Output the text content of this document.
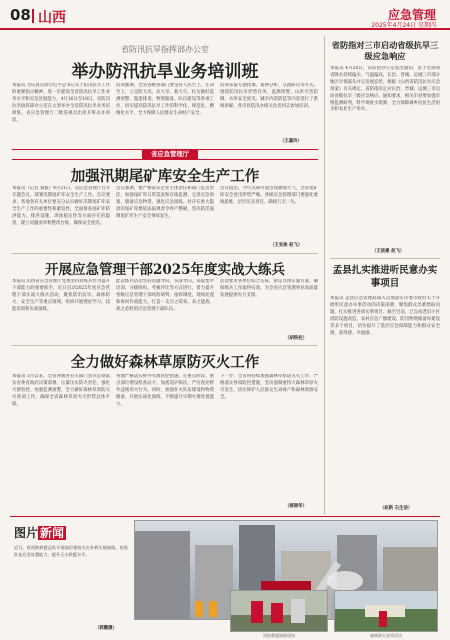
08 山西	应急管理
2025年4月24日 星期四
省防汛抗旱指挥部办公室
举办防汛抗旱业务培训班
本报讯 为认真贯彻习近平总书记关于防汛抗旱工作的重要指示精神，进一步提高全省防汛抗旱工作业务水平和应急处置能力，4月16日至18日，省防汛抗旱指挥部办公室在太原举办全省防汛抗旱业务培训班。省应急管理厅二级巡视员出席开班式并讲话。
培训强调，全省各级各部门要坚持人民至上、生命至上，立足防大汛、抗大旱、救大灾，扎实做好监测预警、隐患排查、物资储备、队伍建设等各项工作，切实提高防汛抗旱工作的科学化、规范化、精细化水平，全力保障人民群众生命财产安全。
培训采取专题授课、案例分析、交流研讨等方式，围绕防汛抗旱形势任务、监测预警、山洪灾害防御、水库安全度汛、城市内涝防范等内容进行了系统讲解。各市县防汛办相关负责同志参加培训。
（王嘉玲）
省应急管理厅
加强汛期尾矿库安全生产工作
本报讯（记者 秦毅）4月21日，省应急管理厅召开专题会议，部署汛期尾矿库安全生产工作。会议要求，各地各有关单位要充分认识做好汛期尾矿库安全生产工作的重要性和紧迫性，全面排查尾矿库防洪能力、排洪设施、坝体稳定性等方面存在的隐患，建立问题清单和整改台账，确保安全度汛。
会议强调，要严格落实企业主体责任和部门监管责任，加强尾矿库日常巡查和在线监测，完善应急预案，储备应急物资，强化应急演练。对存在重大隐患的尾矿库要依法依规责令停产整顿，坚决防范遏制尾矿库生产安全事故发生。
会议指出，今年汛期可能出现极端天气，全省尾矿库安全度汛形势严峻，各级应急管理部门要强化底线思维，层层压实责任，确保万无一失。
（王安俊 赵飞）
开展应急管理干部2025年度实战大练兵
本报讯 山西省应急管理厅党委坚持将练兵作为提升干部能力的重要抓手，近日启动2025年度应急管理干部实战大练兵活动，聚焦防汛抗旱、森林防火、安全生产等重点领域，组织开展理论学习、技能培训和实战演练。
此次练兵活动坚持问题导向、实战导向，采取集中培训、分级组织、考核评比等方式进行，着力提升各级应急管理干部风险研判、指挥调度、现场处置和协同作战能力，打造一支召之即来、来之能战、战之必胜的应急管理干部队伍。
活动要求各单位结合实际，制定具体实施方案，确保练兵工作取得实效，为全省应急管理事业高质量发展提供有力支撑。
（胡铁柱）
全力做好森林草原防灭火工作
本报讯 3月以来，全省各级各有关部门坚决贯彻落实省委省政府决策部署，压紧压实防火责任，强化火源管控，加强监测预警，全力做好森林草原防灭火各项工作，确保全省森林草原火灾形势总体平稳。
各地严格落实野外火源管控措施，在重点时段、重点部位增设检查站卡，加密巡护频次，严厉查处野外违规用火行为。同时，加强扑火队伍建设和物资储备，开展实战化演练，不断提升早期火情处置能力。
下一步，全省将持续加强森林草原防灭火工作，严格落实各项防控措施，坚决遏制重特大森林草原火灾发生，切实保护人民群众生命财产和森林资源安全。
（郝丽华）
省防指对三市启动省级抗旱三级应急响应
本报讯 4月20日，省防指办公室发出通知，鉴于近期我省降水持续偏少、气温偏高，长治、晋城、运城三市部分地区旱情露头并呈发展态势，根据《山西省防汛抗旱应急预案》有关规定，省防指决定对长治、晋城、运城三市启动省级抗旱三级应急响应。通知要求，相关市县要加强旱情监测研判，科学调度水资源，全力保障城乡居民生活用水和农业生产用水。
（王波豪 赵飞）
孟县扎实推进听民意办实事项目
本报讯 孟县应急管理局深入贯彻落实市委市政府关于开展听民意办实事活动的决策部署，聚焦群众急难愁盼问题，扎实推进各项实事项目。截至目前，已完成老旧小区消防设施改造、农村应急广播建设、防汛物资储备库建设等多个项目，切实提升了基层应急保障能力和群众安全感、获得感、幸福感。
（赵新 石生洁）
图片 新闻
近日，省消防救援总队开展高层建筑火灾扑救实战演练，检验队伍应急处置能力，提升灭火救援水平。
（郭鹏摄）
消防救援演练现场	森林防火宣传活动
